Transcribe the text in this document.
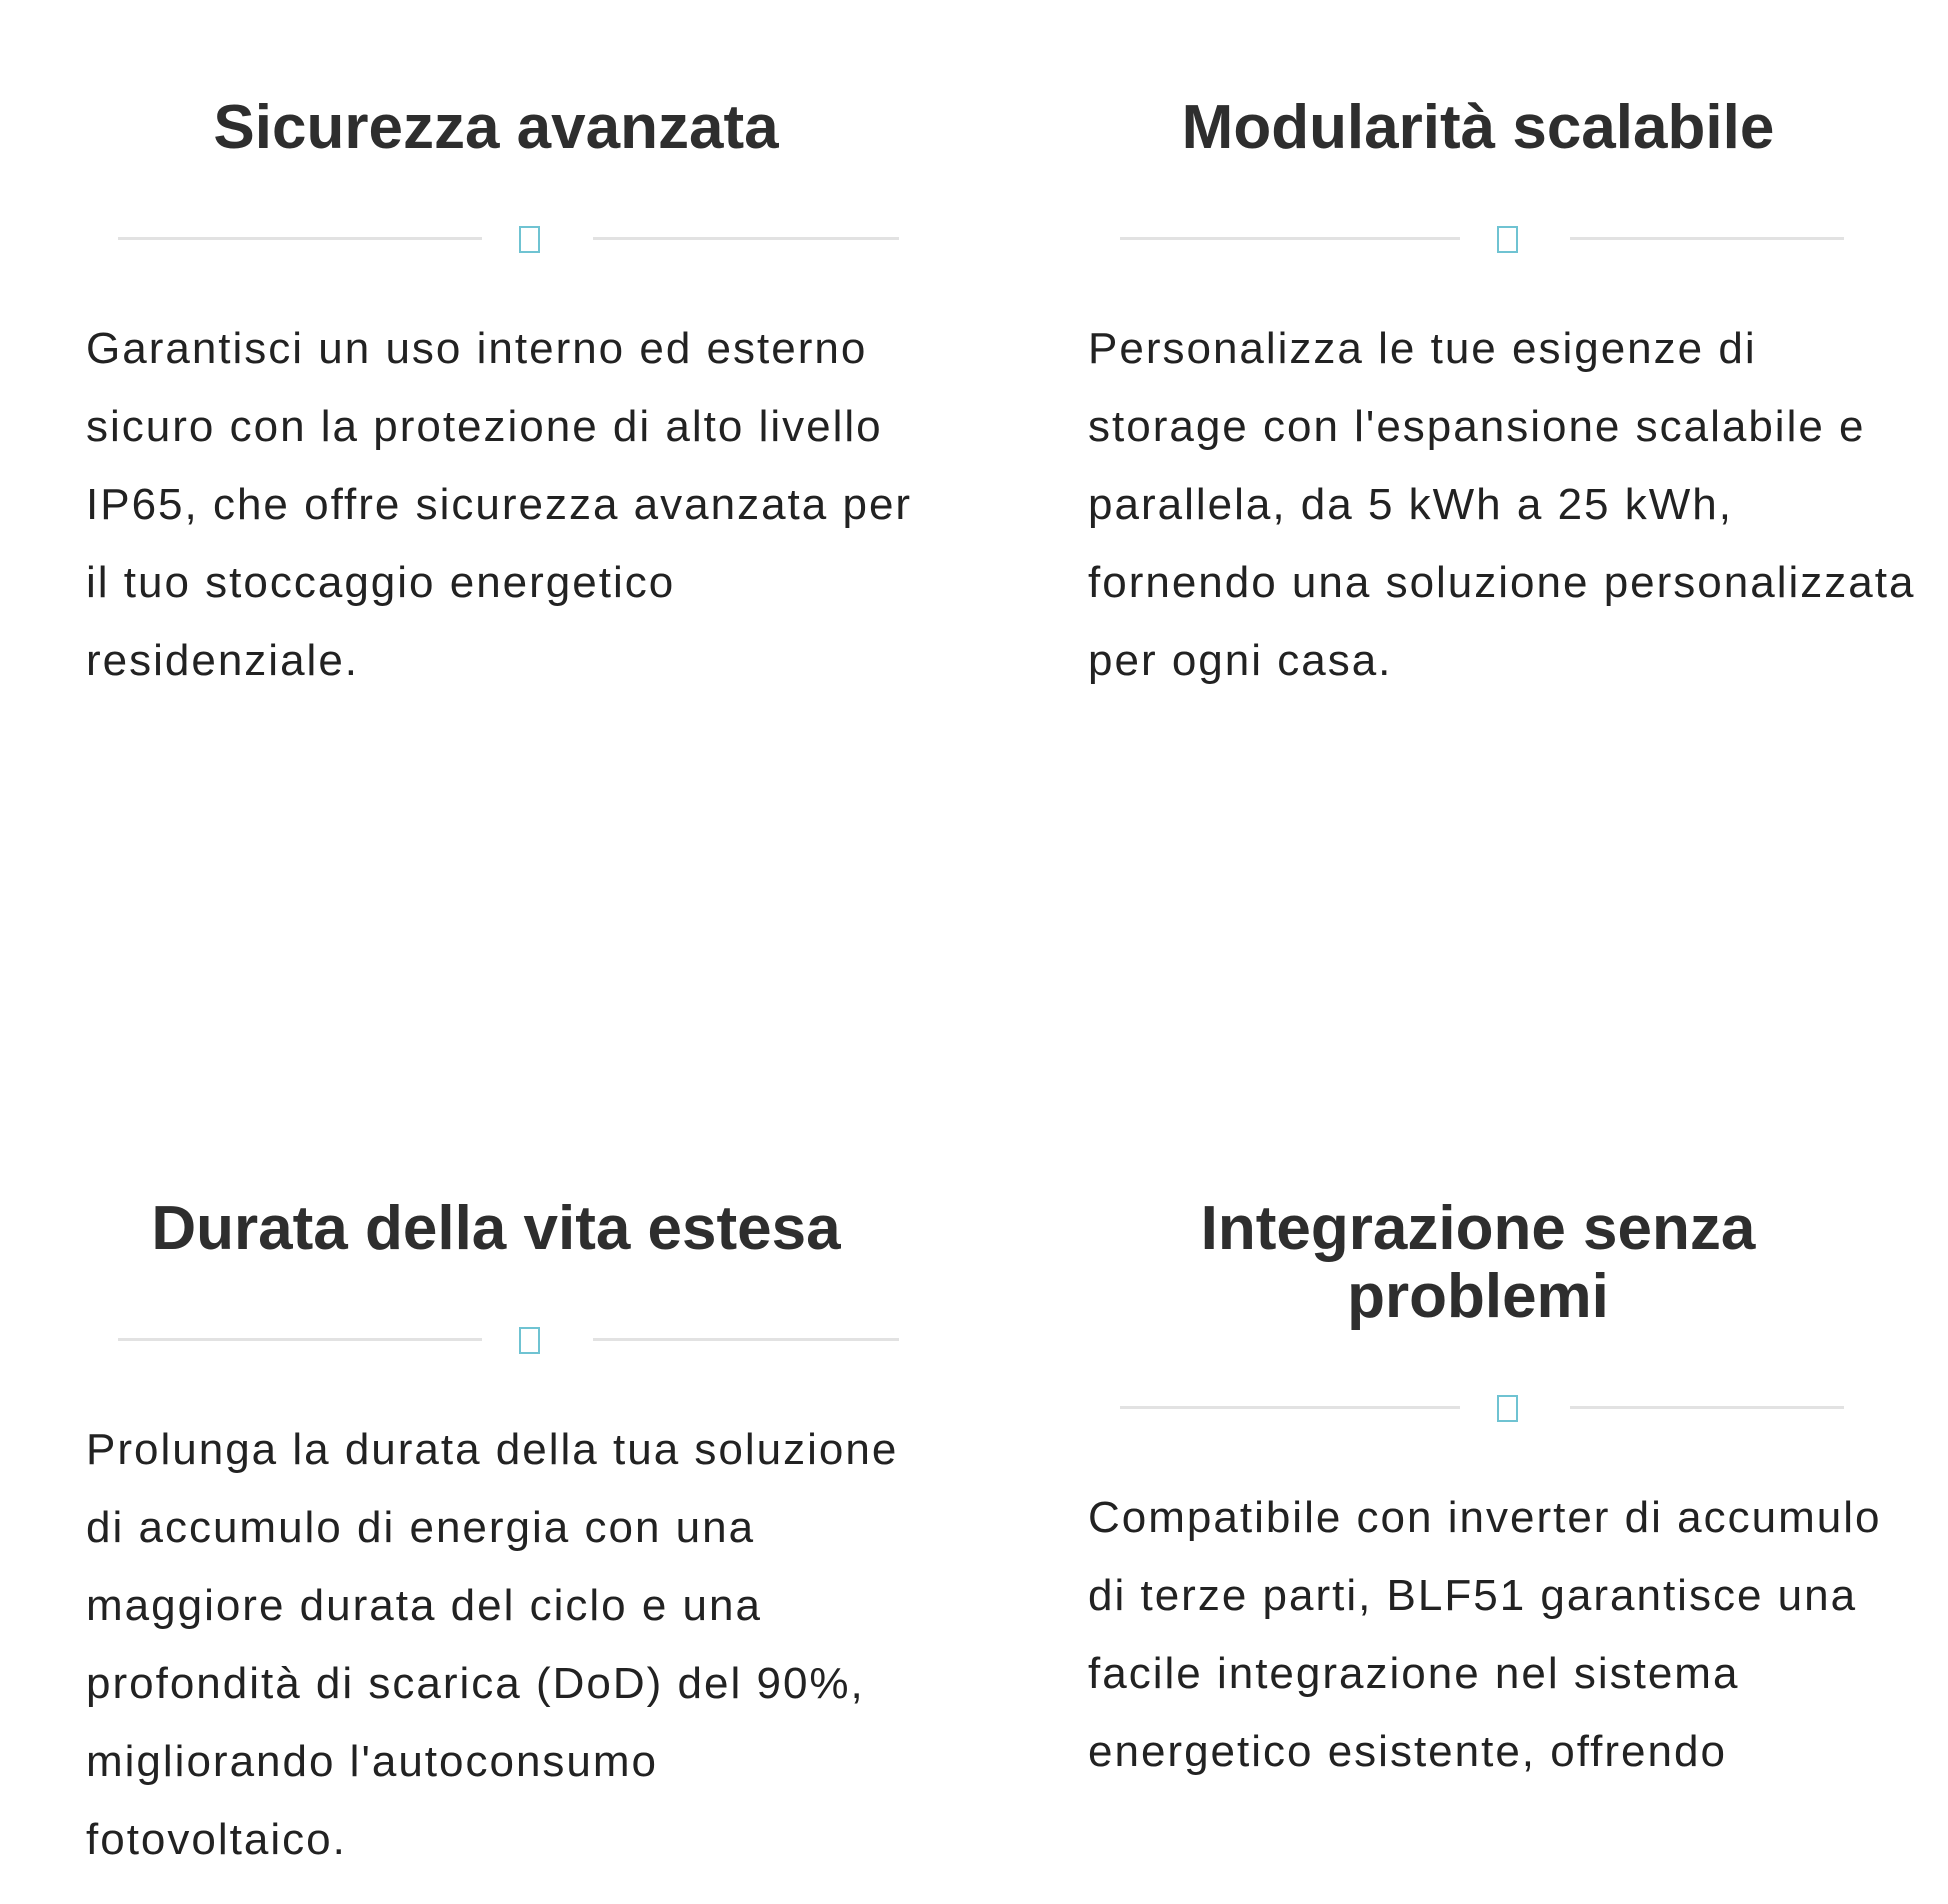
Sicurezza avanzata

Garantisci un uso interno ed esterno sicuro con la protezione di alto livello IP65, che offre sicurezza avanzata per il tuo stoccaggio energetico residenziale.

Modularità scalabile

Personalizza le tue esigenze di storage con l'espansione scalabile e parallela, da 5 kWh a 25 kWh, fornendo una soluzione personalizzata per ogni casa.

Durata della vita estesa

Prolunga la durata della tua soluzione di accumulo di energia con una maggiore durata del ciclo e una profondità di scarica (DoD) del 90%, migliorando l'autoconsumo fotovoltaico.

Integrazione senza problemi

Compatibile con inverter di accumulo di terze parti, BLF51 garantisce una facile integrazione nel sistema energetico esistente, offrendo
